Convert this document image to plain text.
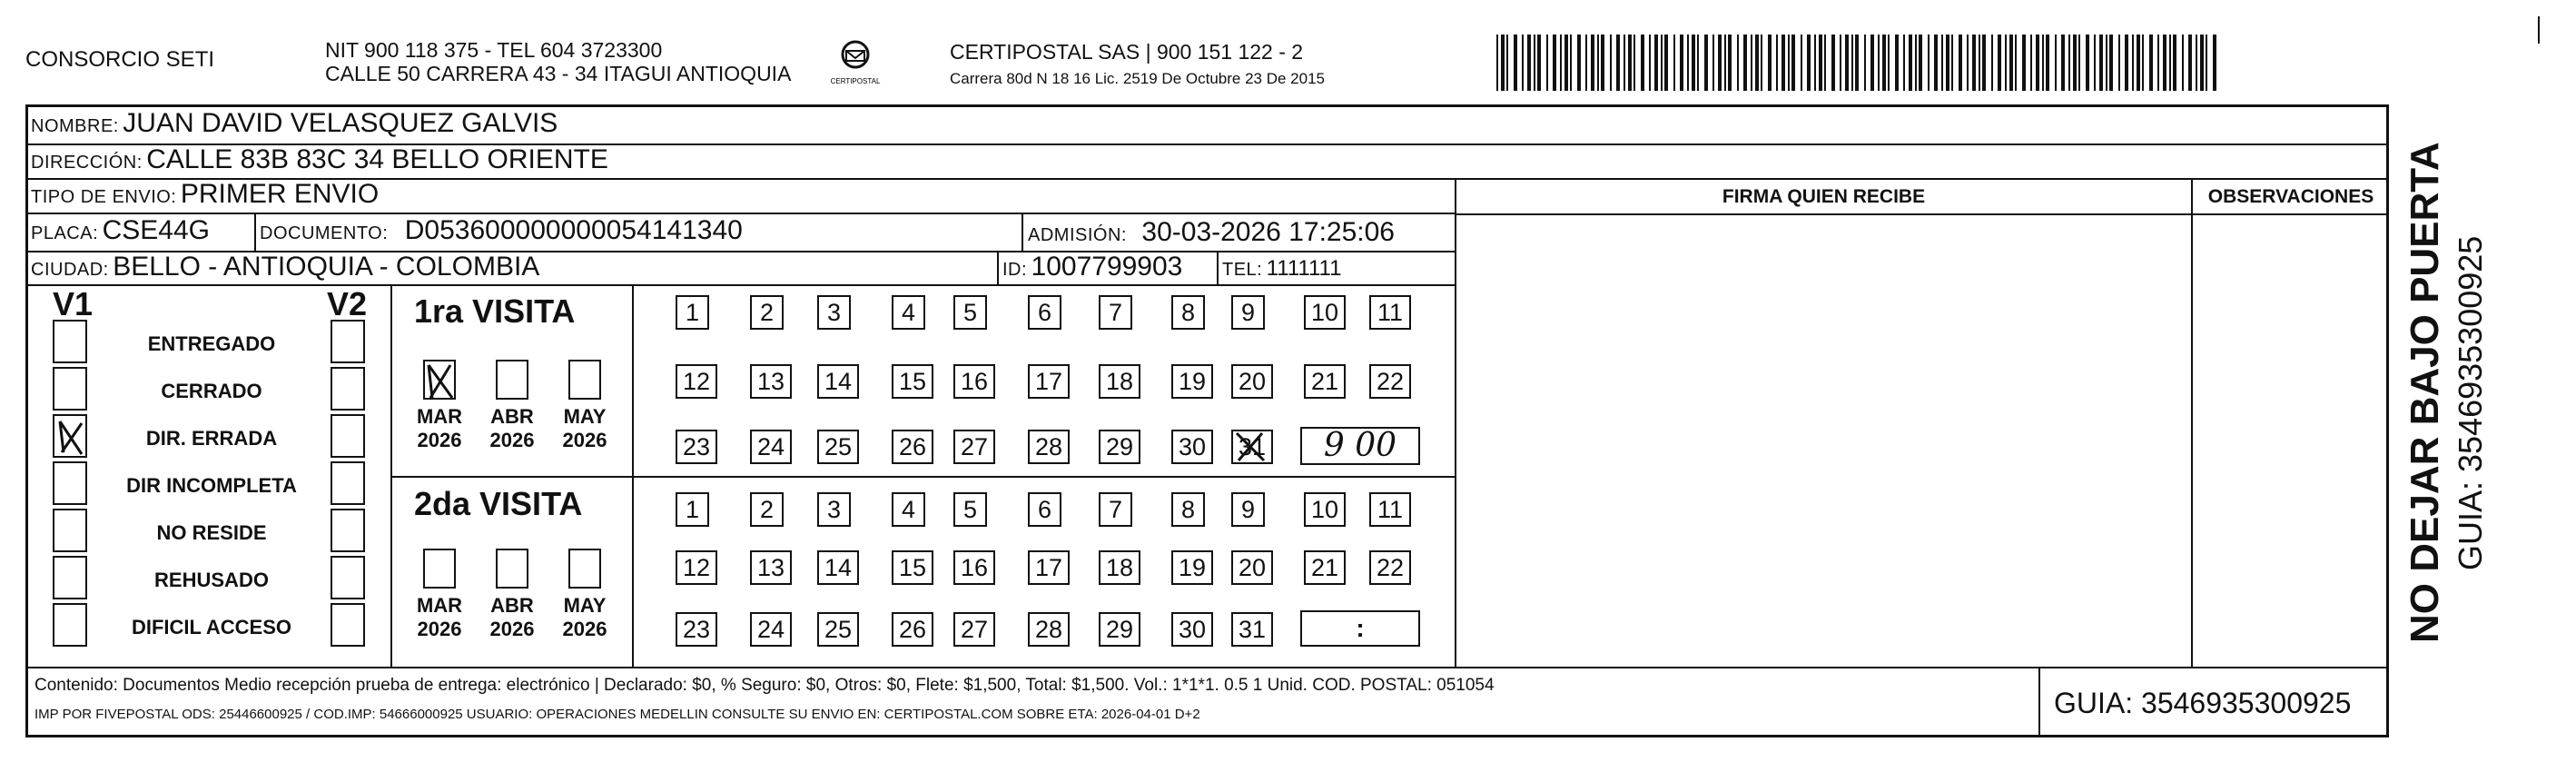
CONSORCIO SETI	NIT 900 118 375 - TEL 604 3723300
CALLE 50 CARRERA 43 - 34 ITAGUI ANTIOQUIA	CERTIPOSTAL
CERTIPOSTAL SAS | 900 151 122 - 2
Carrera 80d N 18 16 Lic. 2519 De Octubre 23 De 2015
NOMBRE: JUAN DAVID VELASQUEZ GALVIS
DIRECCIÓN: CALLE 83B 83C 34 BELLO ORIENTE
TIPO DE ENVIO: PRIMER ENVIO
PLACA: CSE44G	DOCUMENTO: D053600000000054141340	ADMISIÓN: 30-03-2026 17:25:06
CIUDAD: BELLO - ANTIOQUIA - COLOMBIA	ID: 1007799903 TEL: 1111111
FIRMA QUIEN RECIBE	OBSERVACIONES
V1	V2
ENTREGADO
CERRADO
DIR. ERRADA
DIR INCOMPLETA
NO RESIDE
REHUSADO
DIFICIL ACCESO
1ra VISITA
2da VISITA
MAR
2026
ABR
2026
MAY
2026
MAR
2026
ABR
2026
MAY
2026
1	2	3	4	5	6	7	8	9	10	11
12 13 14 15 16 17 18 19 20 21 22
23 24 25 26 27 28 29 30 31
1	2	3	4	5	6	7	8	9	10	11
12 13 14 15 16 17 18 19 20 21 22
23 24 25 26 27 28 29 30 31
9 00
:
Contenido: Documentos Medio recepción prueba de entrega: electrónico | Declarado: $0, % Seguro: $0, Otros: $0, Flete: $1,500, Total: $1,500. Vol.: 1*1*1. 0.5 1 Unid. COD. POSTAL: 051054
IMP POR FIVEPOSTAL ODS: 25446600925 / COD.IMP: 54666000925 USUARIO: OPERACIONES MEDELLIN CONSULTE SU ENVIO EN: CERTIPOSTAL.COM SOBRE ETA: 2026-04-01 D+2	GUIA: 3546935300925
NO DEJAR BAJO PUERTA GUIA: 3546935300925
